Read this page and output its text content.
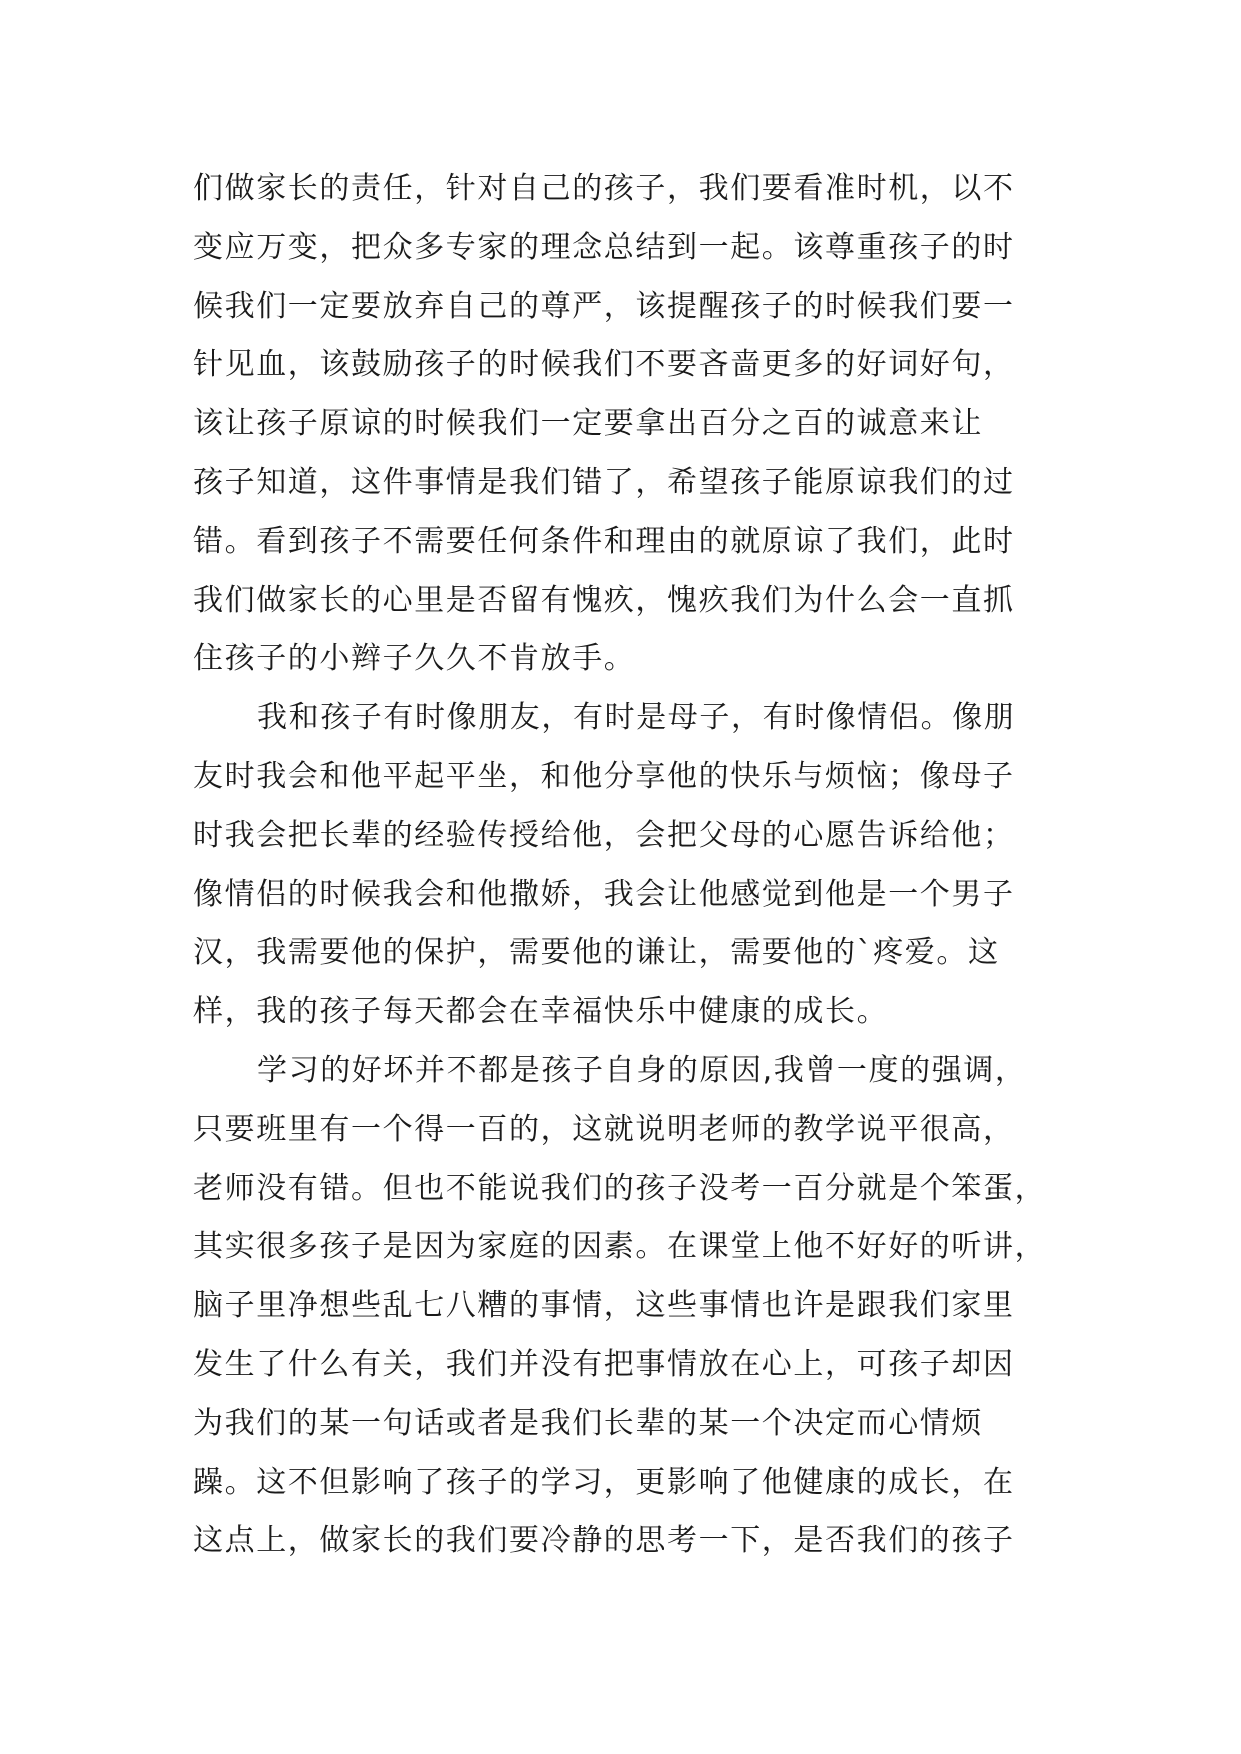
们做家长的责任，针对自己的孩子，我们要看准时机，以不
变应万变，把众多专家的理念总结到一起。该尊重孩子的时
候我们一定要放弃自己的尊严，该提醒孩子的时候我们要一
针见血，该鼓励孩子的时候我们不要吝啬更多的好词好句，
该让孩子原谅的时候我们一定要拿出百分之百的诚意来让
孩子知道，这件事情是我们错了，希望孩子能原谅我们的过
错。看到孩子不需要任何条件和理由的就原谅了我们，此时
我们做家长的心里是否留有愧疚，愧疚我们为什么会一直抓
住孩子的小辫子久久不肯放手。
我和孩子有时像朋友，有时是母子，有时像情侣。像朋
友时我会和他平起平坐，和他分享他的快乐与烦恼；像母子
时我会把长辈的经验传授给他，会把父母的心愿告诉给他；
像情侣的时候我会和他撒娇，我会让他感觉到他是一个男子
汉，我需要他的保护，需要他的谦让，需要他的`疼爱。这
样，我的孩子每天都会在幸福快乐中健康的成长。
学习的好坏并不都是孩子自身的原因,我曾一度的强调，
只要班里有一个得一百的，这就说明老师的教学说平很高，
老师没有错。但也不能说我们的孩子没考一百分就是个笨蛋，
其实很多孩子是因为家庭的因素。在课堂上他不好好的听讲，
脑子里净想些乱七八糟的事情，这些事情也许是跟我们家里
发生了什么有关，我们并没有把事情放在心上，可孩子却因
为我们的某一句话或者是我们长辈的某一个决定而心情烦
躁。这不但影响了孩子的学习，更影响了他健康的成长，在
这点上，做家长的我们要冷静的思考一下，是否我们的孩子
